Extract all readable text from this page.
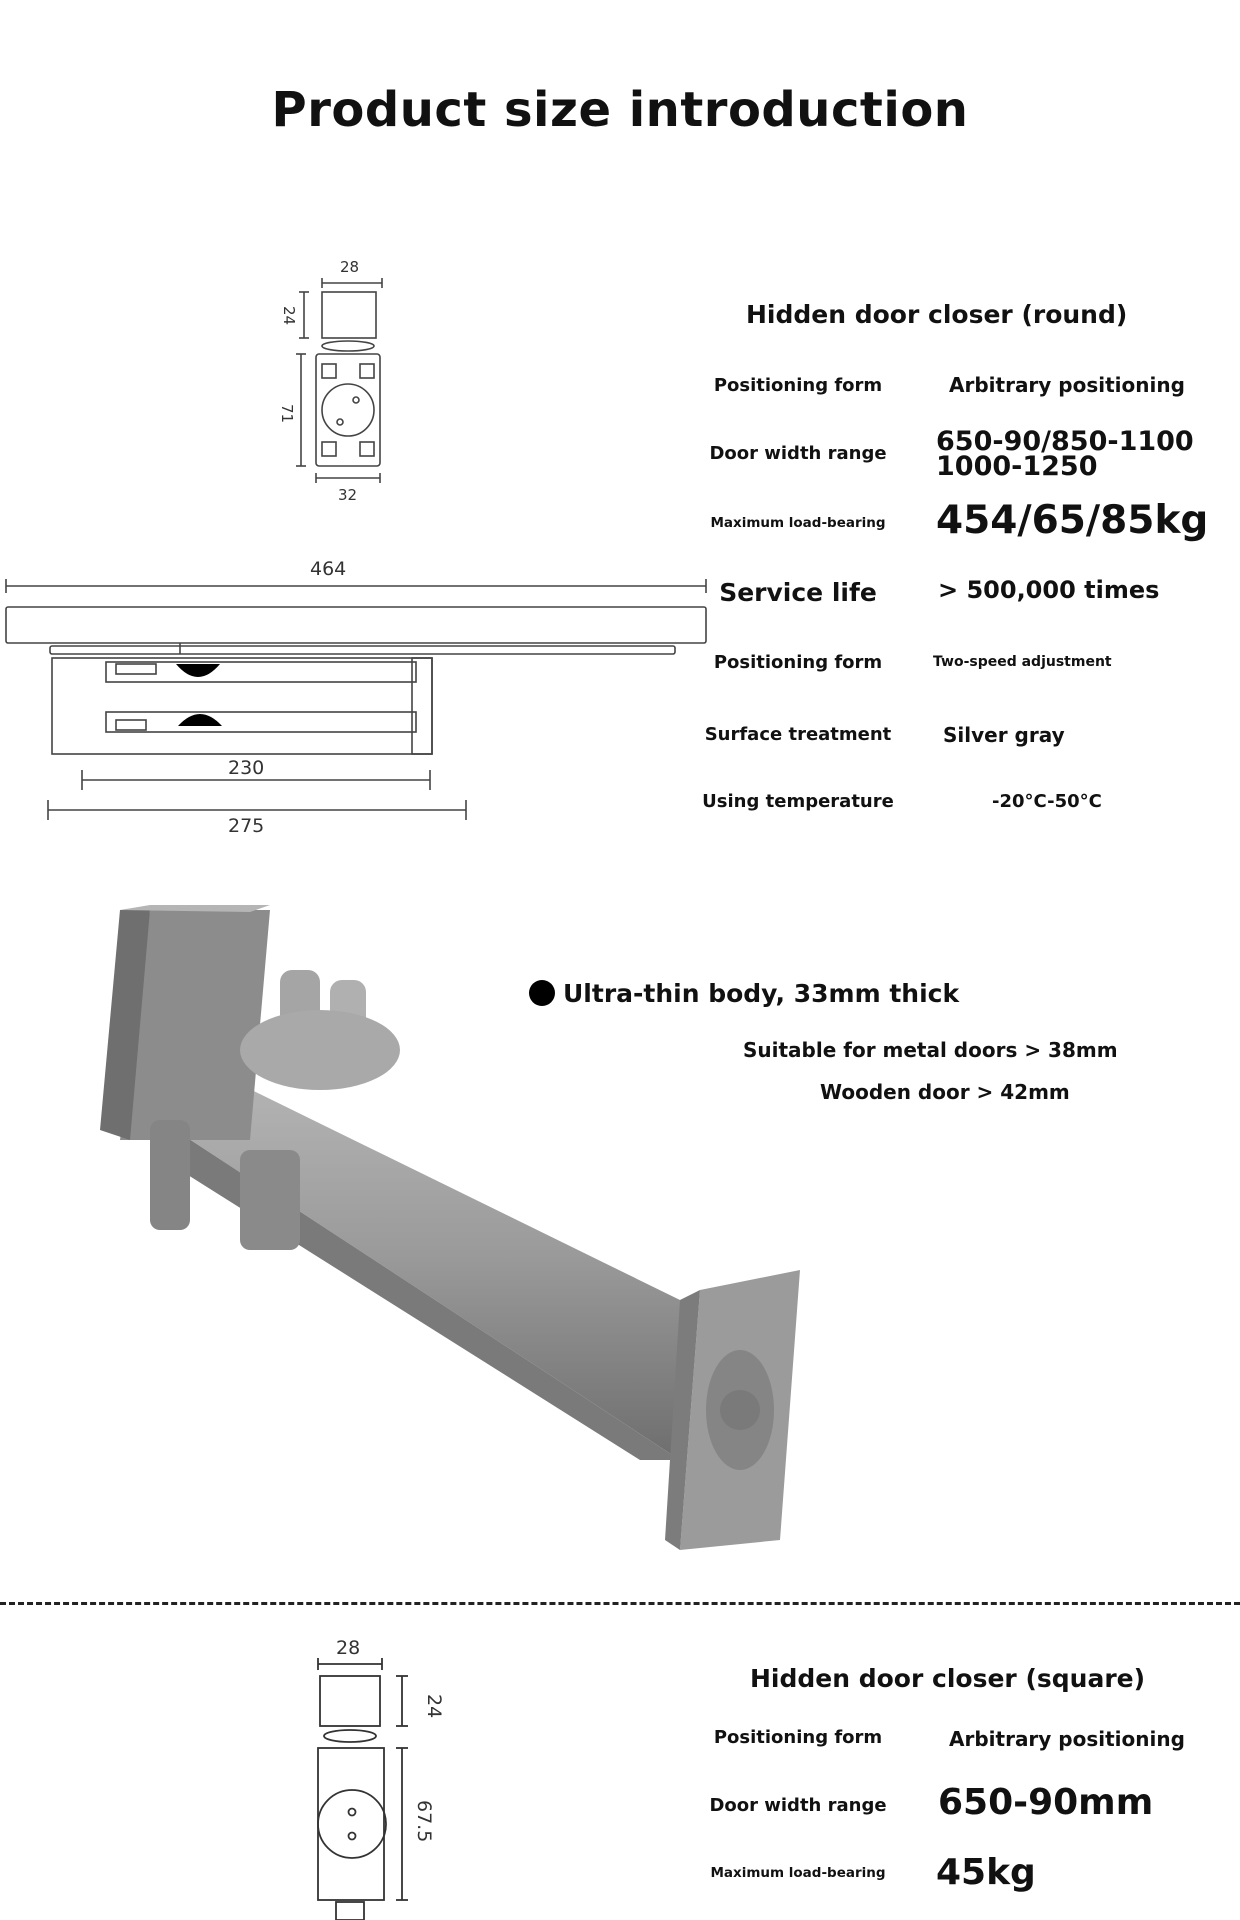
Product size introduction
28
24
71
32
464
230
275
Hidden door closer (round)
Positioning form	Arbitrary positioning
Door width range	650-90/850-1100
1000-1250
Maximum load-bearing	454/65/85kg
Service life	> 500,000 times
Positioning form	Two-speed adjustment
Surface treatment	Silver gray
Using temperature	-20°C-50°C
Ultra-thin body, 33mm thick
Suitable for metal doors > 38mm
Wooden door > 42mm
28
24
67.5
Hidden door closer (square)
Positioning form	Arbitrary positioning
Door width range	650-90mm
Maximum load-bearing	45kg
